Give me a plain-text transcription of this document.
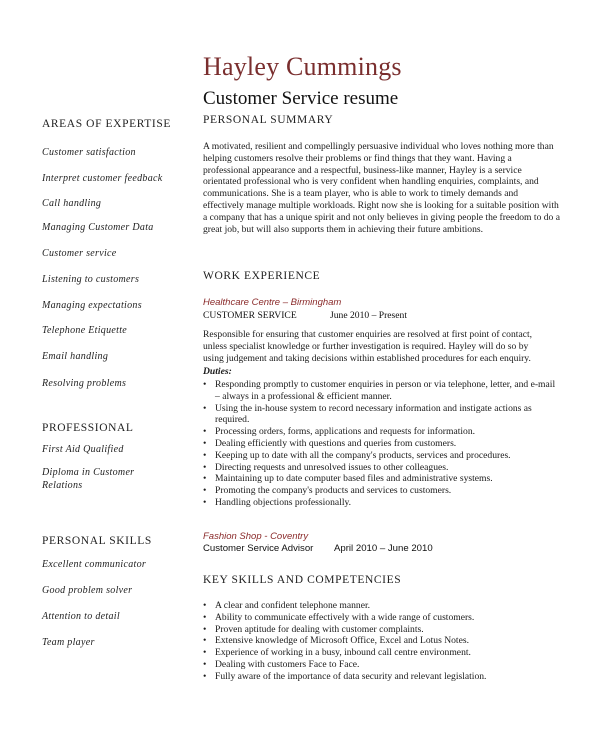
Hayley Cummings
Customer Service resume
AREAS OF EXPERTISE
Customer satisfaction
Interpret customer feedback
Call handling
Managing Customer Data
Customer service
Listening to customers
Managing expectations
Telephone Etiquette
Email handling
Resolving problems
PROFESSIONAL
First Aid Qualified
Diploma in Customer Relations
PERSONAL SKILLS
Excellent communicator
Good problem solver
Attention to detail
Team player
PERSONAL SUMMARY
A motivated, resilient and compellingly persuasive individual who loves nothing more than helping customers resolve their problems or find things that they want. Having a professional appearance and a respectful, business-like manner, Hayley is a service orientated professional who is very confident when handling enquiries, complaints, and communications. She is a team player, who is able to work to timely demands and effectively manage multiple workloads. Right now she is looking for a suitable position with a company that has a unique spirit and not only believes in giving people the freedom to do a great job, but will also supports them in achieving their future ambitions.
WORK EXPERIENCE
Healthcare Centre – Birmingham
CUSTOMER SERVICE	June 2010 – Present
Responsible for ensuring that customer enquiries are resolved at first point of contact, unless specialist knowledge or further investigation is required. Hayley will do so by using judgement and taking decisions within established procedures for each enquiry.
Duties:
• Responding promptly to customer enquiries in person or via telephone, letter, and e-mail – always in a professional & efficient manner.
• Using the in-house system to record necessary information and instigate actions as required.
• Processing orders, forms, applications and requests for information.
• Dealing efficiently with questions and queries from customers.
• Keeping up to date with all the company's products, services and procedures.
• Directing requests and unresolved issues to other colleagues.
• Maintaining up to date computer based files and administrative systems.
• Promoting the company's products and services to customers.
• Handling objections professionally.
Fashion Shop - Coventry
Customer Service Advisor April 2010 – June 2010
KEY SKILLS AND COMPETENCIES
• A clear and confident telephone manner.
• Ability to communicate effectively with a wide range of customers.
• Proven aptitude for dealing with customer complaints.
• Extensive knowledge of Microsoft Office, Excel and Lotus Notes.
• Experience of working in a busy, inbound call centre environment.
• Dealing with customers Face to Face.
• Fully aware of the importance of data security and relevant legislation.
